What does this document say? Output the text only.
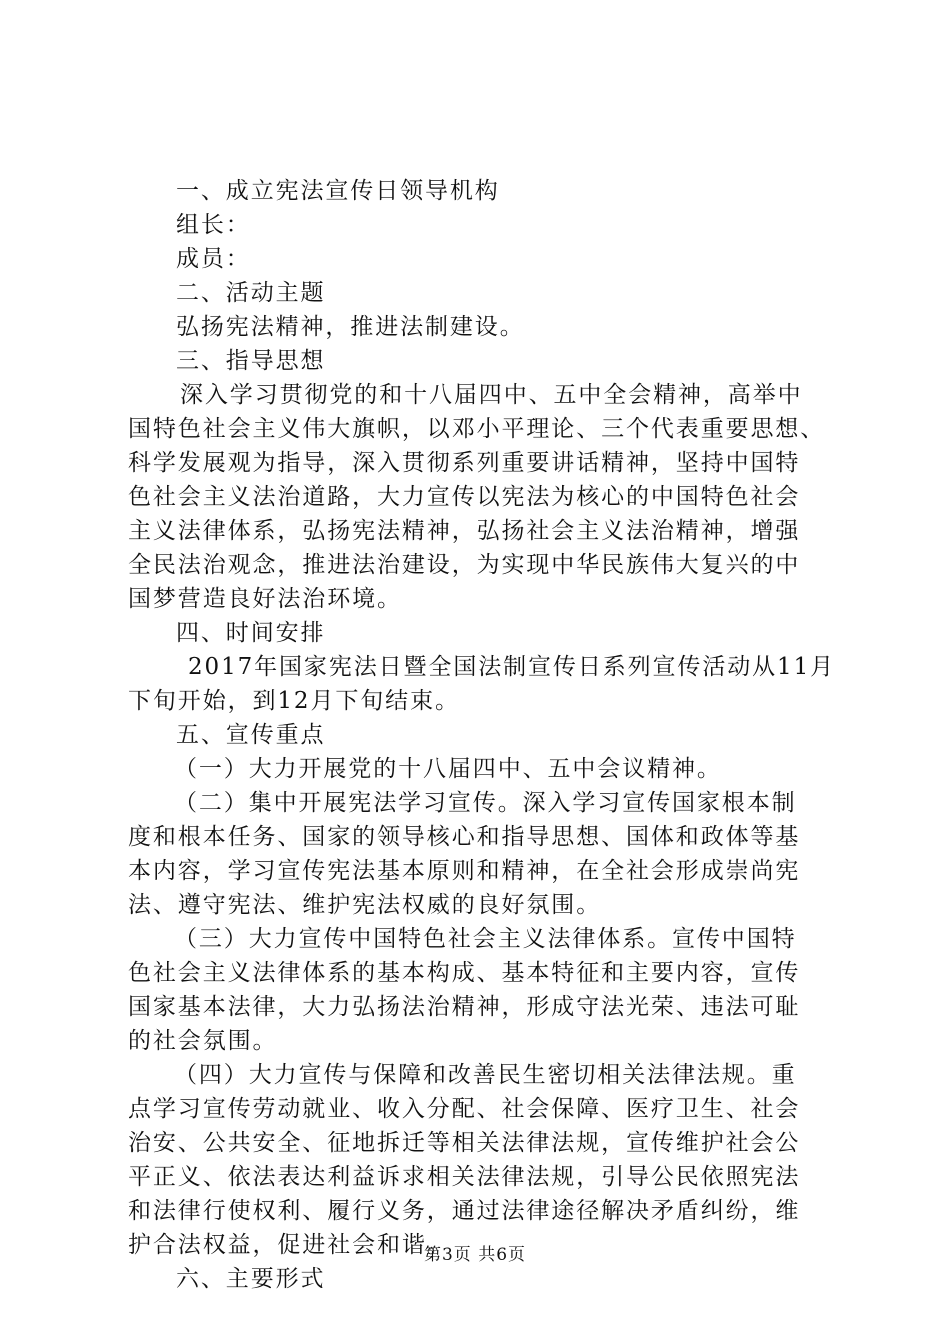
一、成立宪法宣传日领导机构
组长：
成员：
二、活动主题
弘扬宪法精神，推进法制建设。
三、指导思想
深入学习贯彻党的和十八届四中、五中全会精神，高举中
国特色社会主义伟大旗帜，以邓小平理论、三个代表重要思想、
科学发展观为指导，深入贯彻系列重要讲话精神，坚持中国特
色社会主义法治道路，大力宣传以宪法为核心的中国特色社会
主义法律体系，弘扬宪法精神，弘扬社会主义法治精神，增强
全民法治观念，推进法治建设，为实现中华民族伟大复兴的中
国梦营造良好法治环境。
四、时间安排
2017年国家宪法日暨全国法制宣传日系列宣传活动从11月
下旬开始，到12月下旬结束。
五、宣传重点
（一）大力开展党的十八届四中、五中会议精神。
（二）集中开展宪法学习宣传。深入学习宣传国家根本制
度和根本任务、国家的领导核心和指导思想、国体和政体等基
本内容，学习宣传宪法基本原则和精神，在全社会形成崇尚宪
法、遵守宪法、维护宪法权威的良好氛围。
（三）大力宣传中国特色社会主义法律体系。宣传中国特
色社会主义法律体系的基本构成、基本特征和主要内容，宣传
国家基本法律，大力弘扬法治精神，形成守法光荣、违法可耻
的社会氛围。
（四）大力宣传与保障和改善民生密切相关法律法规。重
点学习宣传劳动就业、收入分配、社会保障、医疗卫生、社会
治安、公共安全、征地拆迁等相关法律法规，宣传维护社会公
平正义、依法表达利益诉求相关法律法规，引导公民依照宪法
和法律行使权利、履行义务，通过法律途径解决矛盾纠纷，维
护合法权益，促进社会和谐。
六、主要形式
第3页 共6页
